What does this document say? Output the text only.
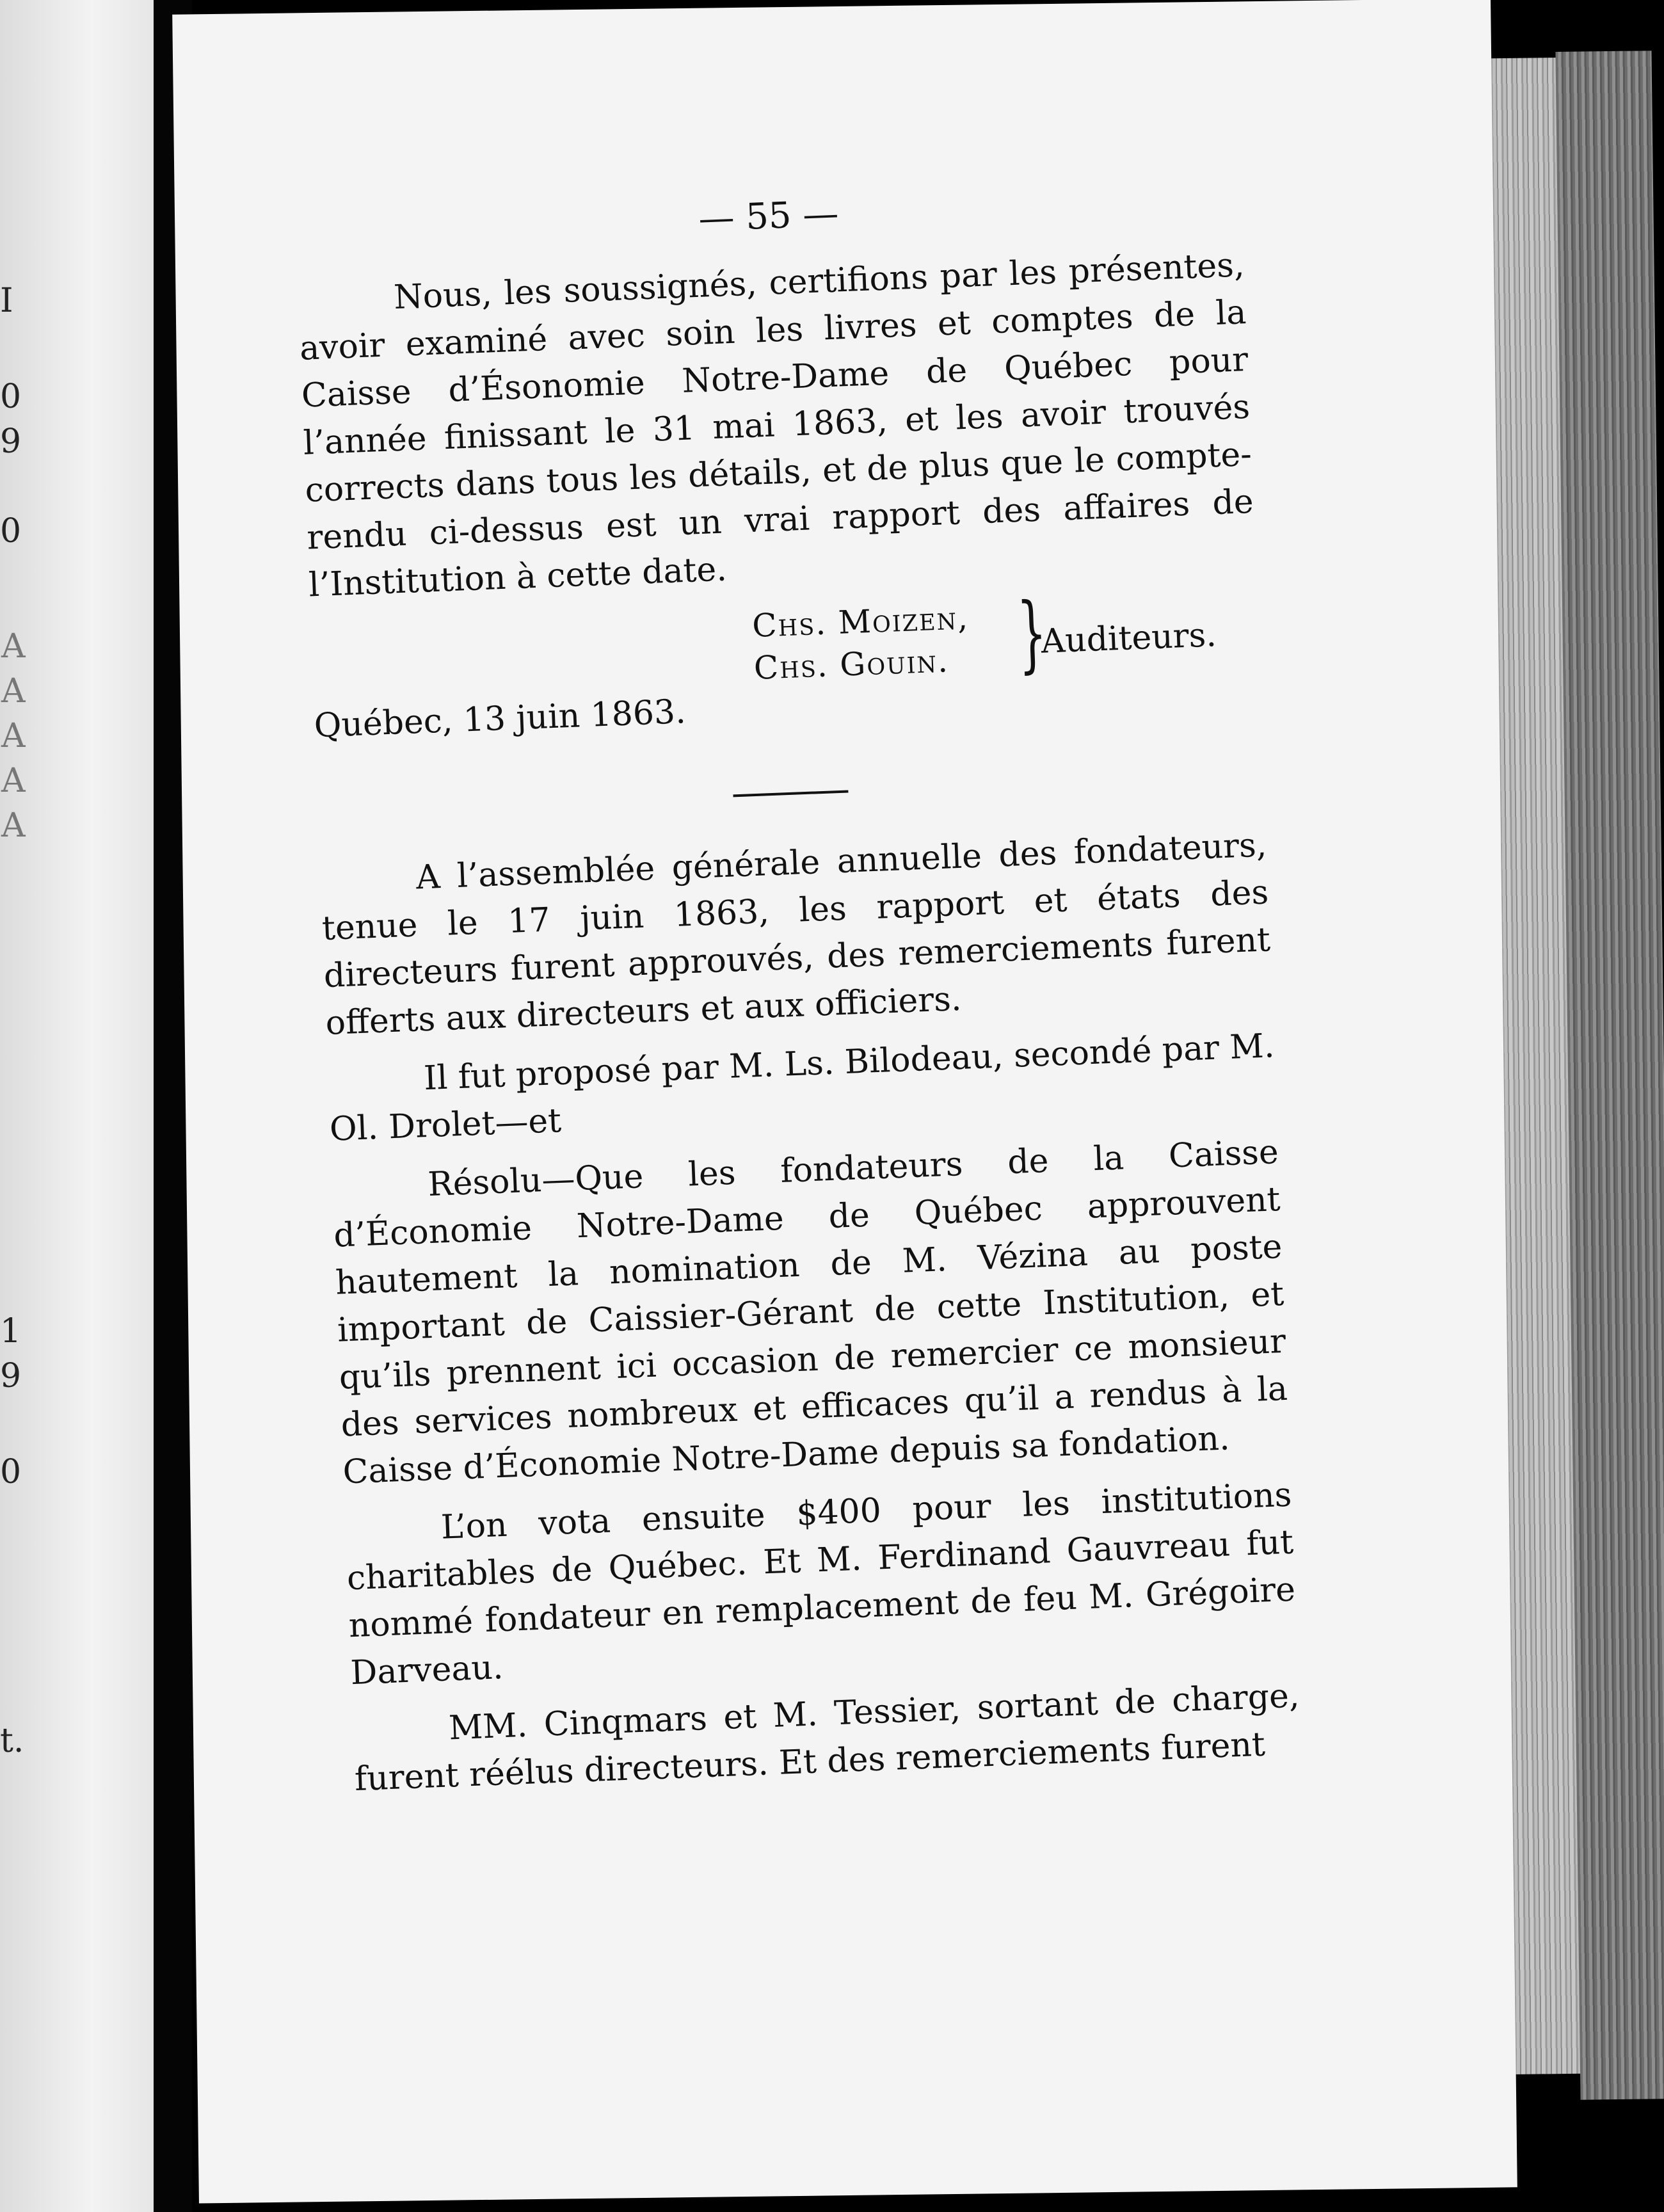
I
0
9
0
A
A
A
A
A
1
9
0
t.
— 55 —

Nous, les soussignés, certifions par les présentes, avoir examiné avec soin les livres et comptes de la Caisse d’Ésonomie Notre-Dame de Québec pour l’année finissant le 31 mai 1863, et les avoir trouvés corrects dans tous les détails, et de plus que le compte-rendu ci-dessus est un vrai rapport des affaires de l’Institution à cette date.

Chs. Moizen,
Chs. Gouin. }
Auditeurs.
Québec, 13 juin 1863.

A l’assemblée générale annuelle des fondateurs, tenue le 17 juin 1863, les rapport et états des directeurs furent approuvés, des remerciements furent offerts aux directeurs et aux officiers.

Il fut proposé par M. Ls. Bilodeau, secondé par M. Ol. Drolet—et

Résolu—Que les fondateurs de la Caisse d’Économie Notre-Dame de Québec approuvent hautement la nomination de M. Vézina au poste important de Caissier-Gérant de cette Institution, et qu’ils prennent ici occasion de remercier ce monsieur des services nombreux et efficaces qu’il a rendus à la Caisse d’Économie Notre-Dame depuis sa fondation.

L’on vota ensuite $400 pour les institutions charitables de Québec. Et M. Ferdinand Gauvreau fut nommé fondateur en remplacement de feu M. Grégoire Darveau.

MM. Cinqmars et M. Tessier, sortant de charge, furent réélus directeurs. Et des remerciements furent
